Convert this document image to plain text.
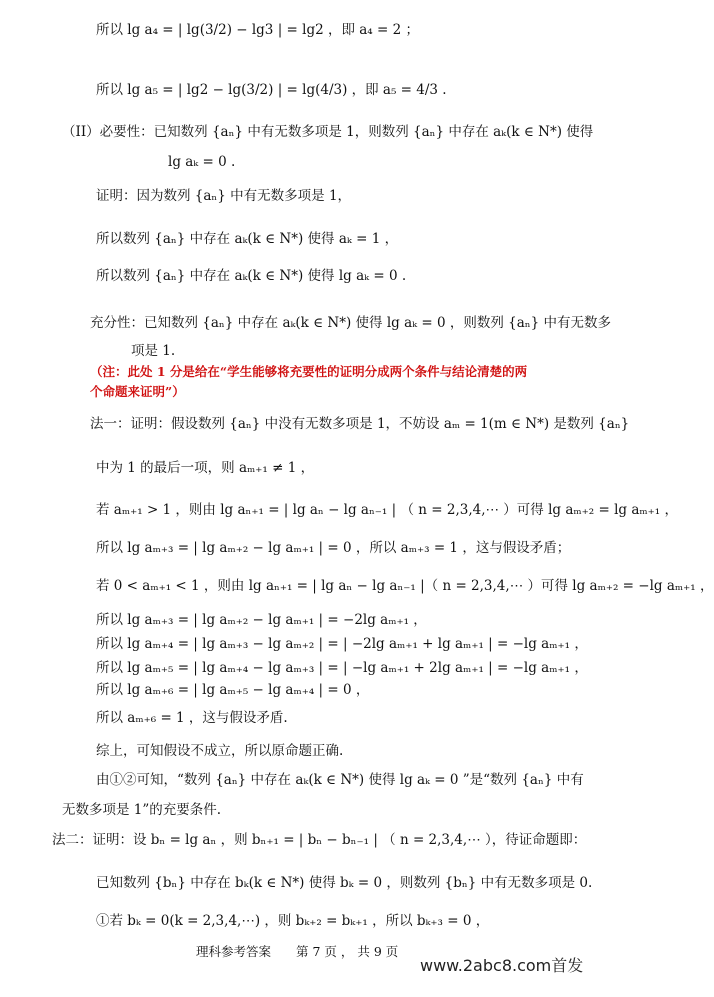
所以 lg a₄ = | lg(3/2) − lg3 | = lg2 ，即 a₄ = 2 ；
所以 lg a₅ = | lg2 − lg(3/2) | = lg(4/3) ，即 a₅ = 4/3 .
（II）必要性：已知数列 {aₙ} 中有无数多项是 1，则数列 {aₙ} 中存在 aₖ(k ∈ N*) 使得
lg aₖ = 0 .
证明：因为数列 {aₙ} 中有无数多项是 1，
所以数列 {aₙ} 中存在 aₖ(k ∈ N*) 使得 aₖ = 1 ，
所以数列 {aₙ} 中存在 aₖ(k ∈ N*) 使得 lg aₖ = 0 .
充分性：已知数列 {aₙ} 中存在 aₖ(k ∈ N*) 使得 lg aₖ = 0 ，则数列 {aₙ} 中有无数多
项是 1.
（注：此处 1 分是给在“学生能够将充要性的证明分成两个条件与结论清楚的两
个命题来证明”）
法一：证明：假设数列 {aₙ} 中没有无数多项是 1，不妨设 aₘ = 1(m ∈ N*) 是数列 {aₙ}
中为 1 的最后一项，则 aₘ₊₁ ≠ 1 ，
若 aₘ₊₁ > 1 ，则由 lg aₙ₊₁ = | lg aₙ − lg aₙ₋₁ | （ n = 2,3,4,⋯ ）可得 lg aₘ₊₂ = lg aₘ₊₁ ，
所以 lg aₘ₊₃ = | lg aₘ₊₂ − lg aₘ₊₁ | = 0 ，所以 aₘ₊₃ = 1 ，这与假设矛盾；
若 0 < aₘ₊₁ < 1 ，则由 lg aₙ₊₁ = | lg aₙ − lg aₙ₋₁ |（ n = 2,3,4,⋯ ）可得 lg aₘ₊₂ = −lg aₘ₊₁ ，
所以 lg aₘ₊₃ = | lg aₘ₊₂ − lg aₘ₊₁ | = −2lg aₘ₊₁ ，
所以 lg aₘ₊₄ = | lg aₘ₊₃ − lg aₘ₊₂ | = | −2lg aₘ₊₁ + lg aₘ₊₁ | = −lg aₘ₊₁ ，
所以 lg aₘ₊₅ = | lg aₘ₊₄ − lg aₘ₊₃ | = | −lg aₘ₊₁ + 2lg aₘ₊₁ | = −lg aₘ₊₁ ，
所以 lg aₘ₊₆ = | lg aₘ₊₅ − lg aₘ₊₄ | = 0 ，
所以 aₘ₊₆ = 1 ，这与假设矛盾.
综上，可知假设不成立，所以原命题正确.
由①②可知，“数列 {aₙ} 中存在 aₖ(k ∈ N*) 使得 lg aₖ = 0 ”是“数列 {aₙ} 中有
无数多项是 1”的充要条件.
法二：证明：设 bₙ = lg aₙ ，则 bₙ₊₁ = | bₙ − bₙ₋₁ | （ n = 2,3,4,⋯ ），待证命题即：
已知数列 {bₙ} 中存在 bₖ(k ∈ N*) 使得 bₖ = 0 ，则数列 {bₙ} 中有无数多项是 0.
①若 bₖ = 0(k = 2,3,4,⋯) ，则 bₖ₊₂ = bₖ₊₁ ，所以 bₖ₊₃ = 0 ，
理科参考答案　　第 7 页 ， 共 9 页
www.2abc8.com首发
